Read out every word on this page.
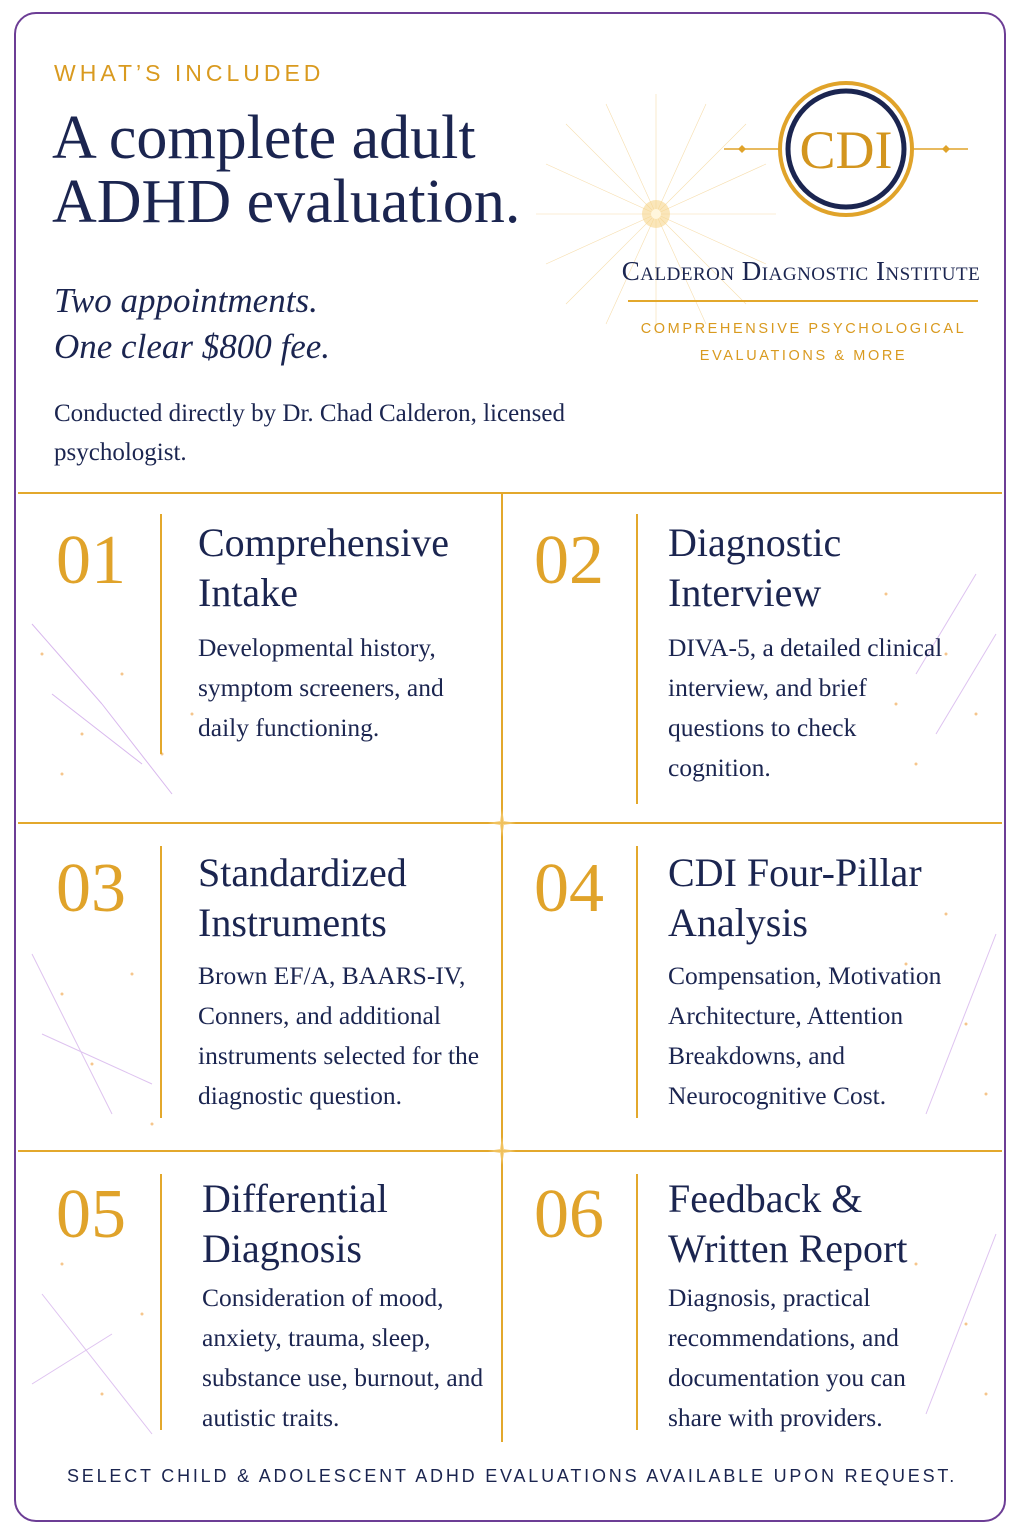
WHAT’S INCLUDED
A complete adult ADHD evaluation.
Two appointments.
One clear $800 fee.
Conducted directly by Dr. Chad Calderon, licensed psychologist.
CDI
Calderon Diagnostic Institute
COMPREHENSIVE PSYCHOLOGICAL
EVALUATIONS & MORE
01 Comprehensive Intake
Developmental history, symptom screeners, and daily functioning.
02 Diagnostic Interview
DIVA-5, a detailed clinical interview, and brief questions to check cognition.
03 Standardized Instruments
Brown EF/A, BAARS-IV, Conners, and additional instruments selected for the diagnostic question.
04 CDI Four-Pillar Analysis
Compensation, Motivation Architecture, Attention Breakdowns, and Neurocognitive Cost.
05 Differential Diagnosis
Consideration of mood, anxiety, trauma, sleep, substance use, burnout, and autistic traits.
06 Feedback & Written Report
Diagnosis, practical recommendations, and documentation you can share with providers.
SELECT CHILD & ADOLESCENT ADHD EVALUATIONS AVAILABLE UPON REQUEST.
